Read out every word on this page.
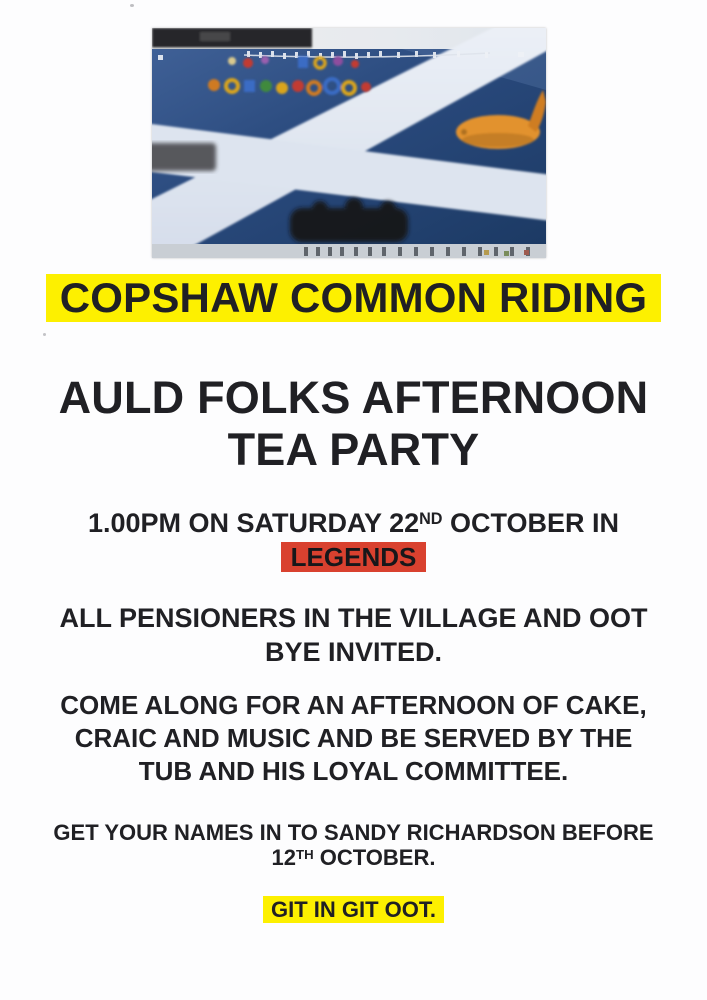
COPSHAW COMMON RIDING
AULD FOLKS AFTERNOON
TEA PARTY

1.00PM ON SATURDAY 22ND OCTOBER IN

LEGENDS

ALL PENSIONERS IN THE VILLAGE AND OOT
BYE INVITED.

COME ALONG FOR AN AFTERNOON OF CAKE,
CRAIC AND MUSIC AND BE SERVED BY THE
TUB AND HIS LOYAL COMMITTEE.

GET YOUR NAMES IN TO SANDY RICHARDSON BEFORE
12TH OCTOBER.

GIT IN GIT OOT.
